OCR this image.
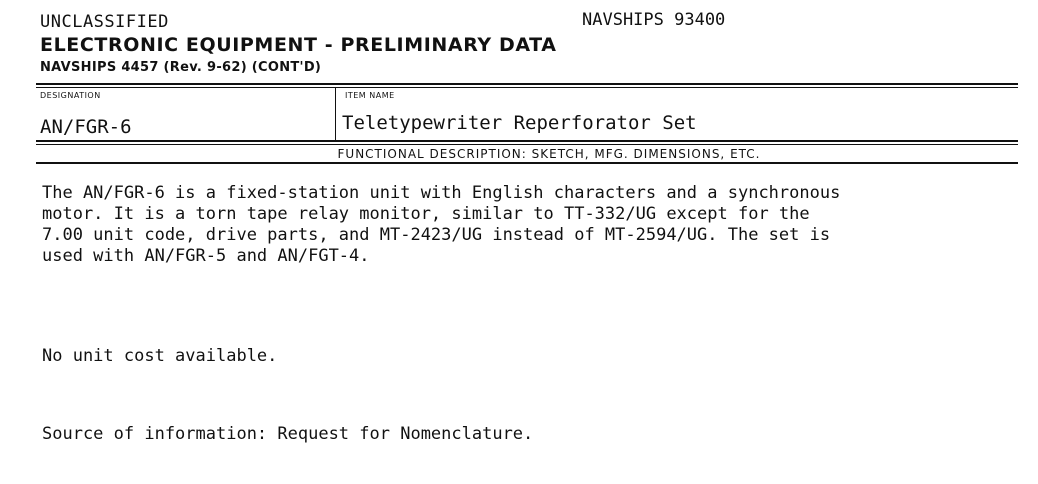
UNCLASSIFIED	NAVSHIPS 93400
ELECTRONIC EQUIPMENT - PRELIMINARY DATA
NAVSHIPS 4457 (Rev. 9-62) (CONT'D)
DESIGNATION	ITEM NAME
AN/FGR-6	Teletypewriter Reperforator Set
FUNCTIONAL DESCRIPTION: SKETCH, MFG. DIMENSIONS, ETC.
The AN/FGR-6 is a fixed-station unit with English characters and a synchronous
motor. It is a torn tape relay monitor, similar to TT-332/UG except for the
7.00 unit code, drive parts, and MT-2423/UG instead of MT-2594/UG. The set is
used with AN/FGR-5 and AN/FGT-4.
No unit cost available.
Source of information: Request for Nomenclature.
